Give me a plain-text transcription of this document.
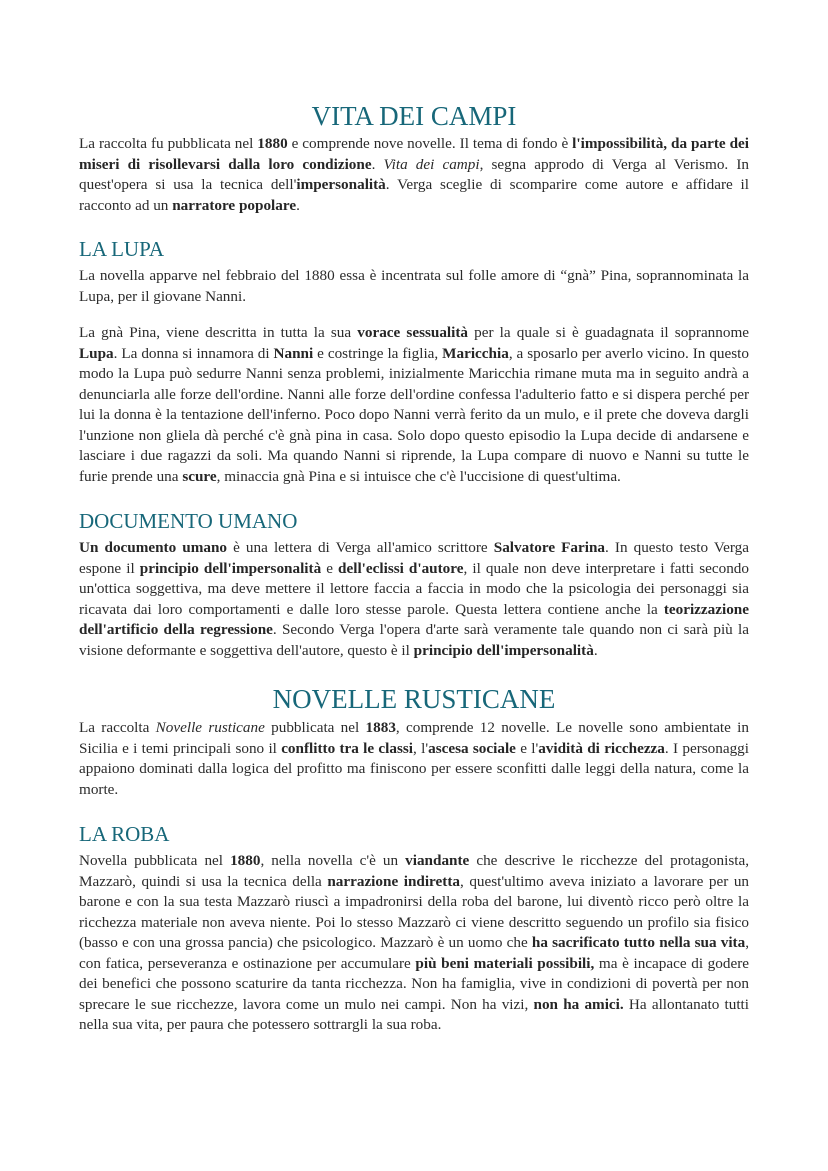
VITA DEI CAMPI

La raccolta fu pubblicata nel 1880 e comprende nove novelle. Il tema di fondo è l'impossibilità, da parte dei miseri di risollevarsi dalla loro condizione. Vita dei campi, segna approdo di Verga al Verismo. In quest'opera si usa la tecnica dell'impersonalità. Verga sceglie di scomparire come autore e affidare il racconto ad un narratore popolare.

LA LUPA

La novella apparve nel febbraio del 1880 essa è incentrata sul folle amore di “gnà” Pina, soprannominata la Lupa, per il giovane Nanni.

La gnà Pina, viene descritta in tutta la sua vorace sessualità per la quale si è guadagnata il soprannome Lupa. La donna si innamora di Nanni e costringe la figlia, Maricchia, a sposarlo per averlo vicino. In questo modo la Lupa può sedurre Nanni senza problemi, inizialmente Maricchia rimane muta ma in seguito andrà a denunciarla alle forze dell'ordine. Nanni alle forze dell'ordine confessa l'adulterio fatto e si dispera perché per lui la donna è la tentazione dell'inferno. Poco dopo Nanni verrà ferito da un mulo, e il prete che doveva dargli l'unzione non gliela dà perché c'è gnà pina in casa. Solo dopo questo episodio la Lupa decide di andarsene e lasciare i due ragazzi da soli. Ma quando Nanni si riprende, la Lupa compare di nuovo e Nanni su tutte le furie prende una scure, minaccia gnà Pina e si intuisce che c'è l'uccisione di quest'ultima.

DOCUMENTO UMANO

Un documento umano è una lettera di Verga all'amico scrittore Salvatore Farina. In questo testo Verga espone il principio dell'impersonalità e dell'eclissi d'autore, il quale non deve interpretare i fatti secondo un'ottica soggettiva, ma deve mettere il lettore faccia a faccia in modo che la psicologia dei personaggi sia ricavata dai loro comportamenti e dalle loro stesse parole. Questa lettera contiene anche la teorizzazione dell'artificio della regressione. Secondo Verga l'opera d'arte sarà veramente tale quando non ci sarà più la visione deformante e soggettiva dell'autore, questo è il principio dell'impersonalità.

NOVELLE RUSTICANE

La raccolta Novelle rusticane pubblicata nel 1883, comprende 12 novelle. Le novelle sono ambientate in Sicilia e i temi principali sono il conflitto tra le classi, l'ascesa sociale e l'avidità di ricchezza. I personaggi appaiono dominati dalla logica del profitto ma finiscono per essere sconfitti dalle leggi della natura, come la morte.

LA ROBA

Novella pubblicata nel 1880, nella novella c'è un viandante che descrive le ricchezze del protagonista, Mazzarò, quindi si usa la tecnica della narrazione indiretta, quest'ultimo aveva iniziato a lavorare per un barone e con la sua testa Mazzarò riuscì a impadronirsi della roba del barone, lui diventò ricco però oltre la ricchezza materiale non aveva niente. Poi lo stesso Mazzarò ci viene descritto seguendo un profilo sia fisico (basso e con una grossa pancia) che psicologico. Mazzarò è un uomo che ha sacrificato tutto nella sua vita, con fatica, perseveranza e ostinazione per accumulare più beni materiali possibili, ma è incapace di godere dei benefici che possono scaturire da tanta ricchezza. Non ha famiglia, vive in condizioni di povertà per non sprecare le sue ricchezze, lavora come un mulo nei campi. Non ha vizi, non ha amici. Ha allontanato tutti nella sua vita, per paura che potessero sottrargli la sua roba.
